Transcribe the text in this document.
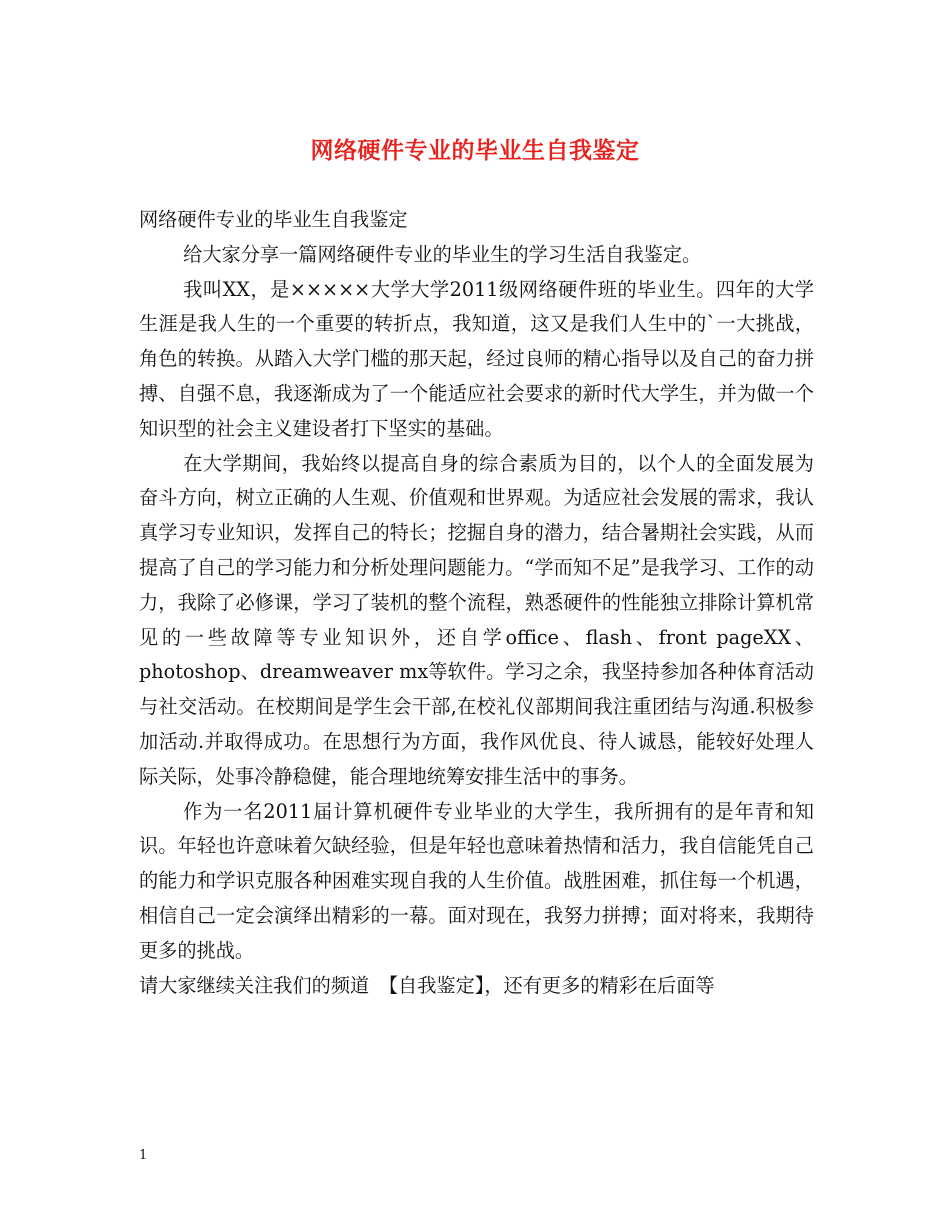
网络硬件专业的毕业生自我鉴定

网络硬件专业的毕业生自我鉴定

给大家分享一篇网络硬件专业的毕业生的学习生活自我鉴定。

我叫XX，是×××××大学大学2011级网络硬件班的毕业生。四年的大学生涯是我人生的一个重要的转折点，我知道，这又是我们人生中的`一大挑战，角色的转换。从踏入大学门槛的那天起，经过良师的精心指导以及自己的奋力拼搏、自强不息，我逐渐成为了一个能适应社会要求的新时代大学生，并为做一个知识型的社会主义建设者打下坚实的基础。

在大学期间，我始终以提高自身的综合素质为目的，以个人的全面发展为奋斗方向，树立正确的人生观、价值观和世界观。为适应社会发展的需求，我认真学习专业知识，发挥自己的特长；挖掘自身的潜力，结合暑期社会实践，从而提高了自己的学习能力和分析处理问题能力。“学而知不足”是我学习、工作的动力，我除了必修课，学习了装机的整个流程，熟悉硬件的性能独立排除计算机常见的一些故障等专业知识外，还自学office、flash、front pageXX、photoshop、dreamweaver mx等软件。学习之余，我坚持参加各种体育活动与社交活动。在校期间是学生会干部,在校礼仪部期间我注重团结与沟通.积极参加活动.并取得成功。在思想行为方面，我作风优良、待人诚恳，能较好处理人际关际，处事冷静稳健，能合理地统筹安排生活中的事务。

作为一名2011届计算机硬件专业毕业的大学生，我所拥有的是年青和知识。年轻也许意味着欠缺经验，但是年轻也意味着热情和活力，我自信能凭自己的能力和学识克服各种困难实现自我的人生价值。战胜困难，抓住每一个机遇，相信自己一定会演绎出精彩的一幕。面对现在，我努力拼搏；面对将来，我期待更多的挑战。

请大家继续关注我们的频道　【自我鉴定】，还有更多的精彩在后面等

1
